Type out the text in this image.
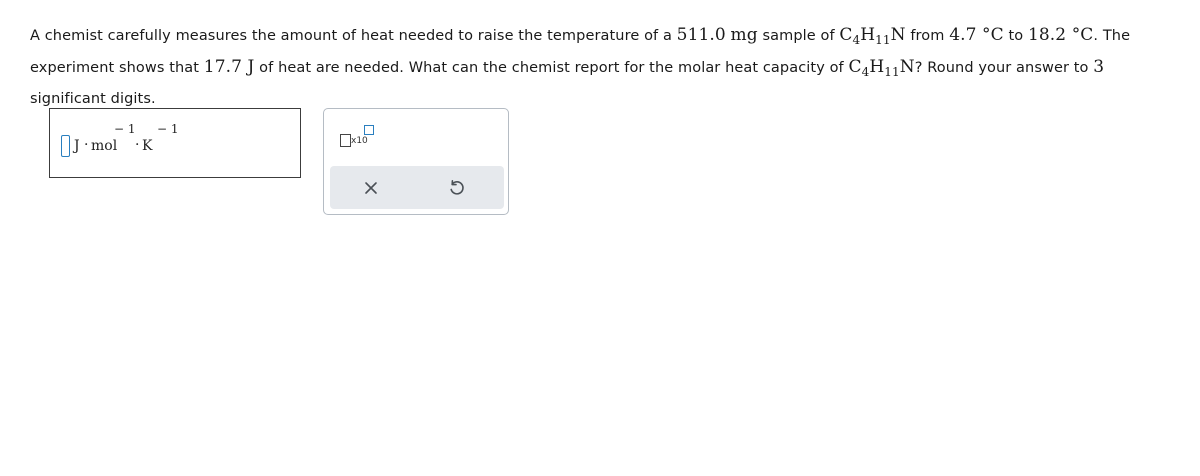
A chemist carefully measures the amount of heat needed to raise the temperature of a 511.0 mg sample of $C_4H_{11}N$ from 4.7 °C to 18.2 °C. The experiment shows that 17.7 J of heat are needed. What can the chemist report for the molar heat capacity of $C_4H_{11}N$? Round your answer to 3 significant digits.
J · mol
− 1
· K
− 1
x10
